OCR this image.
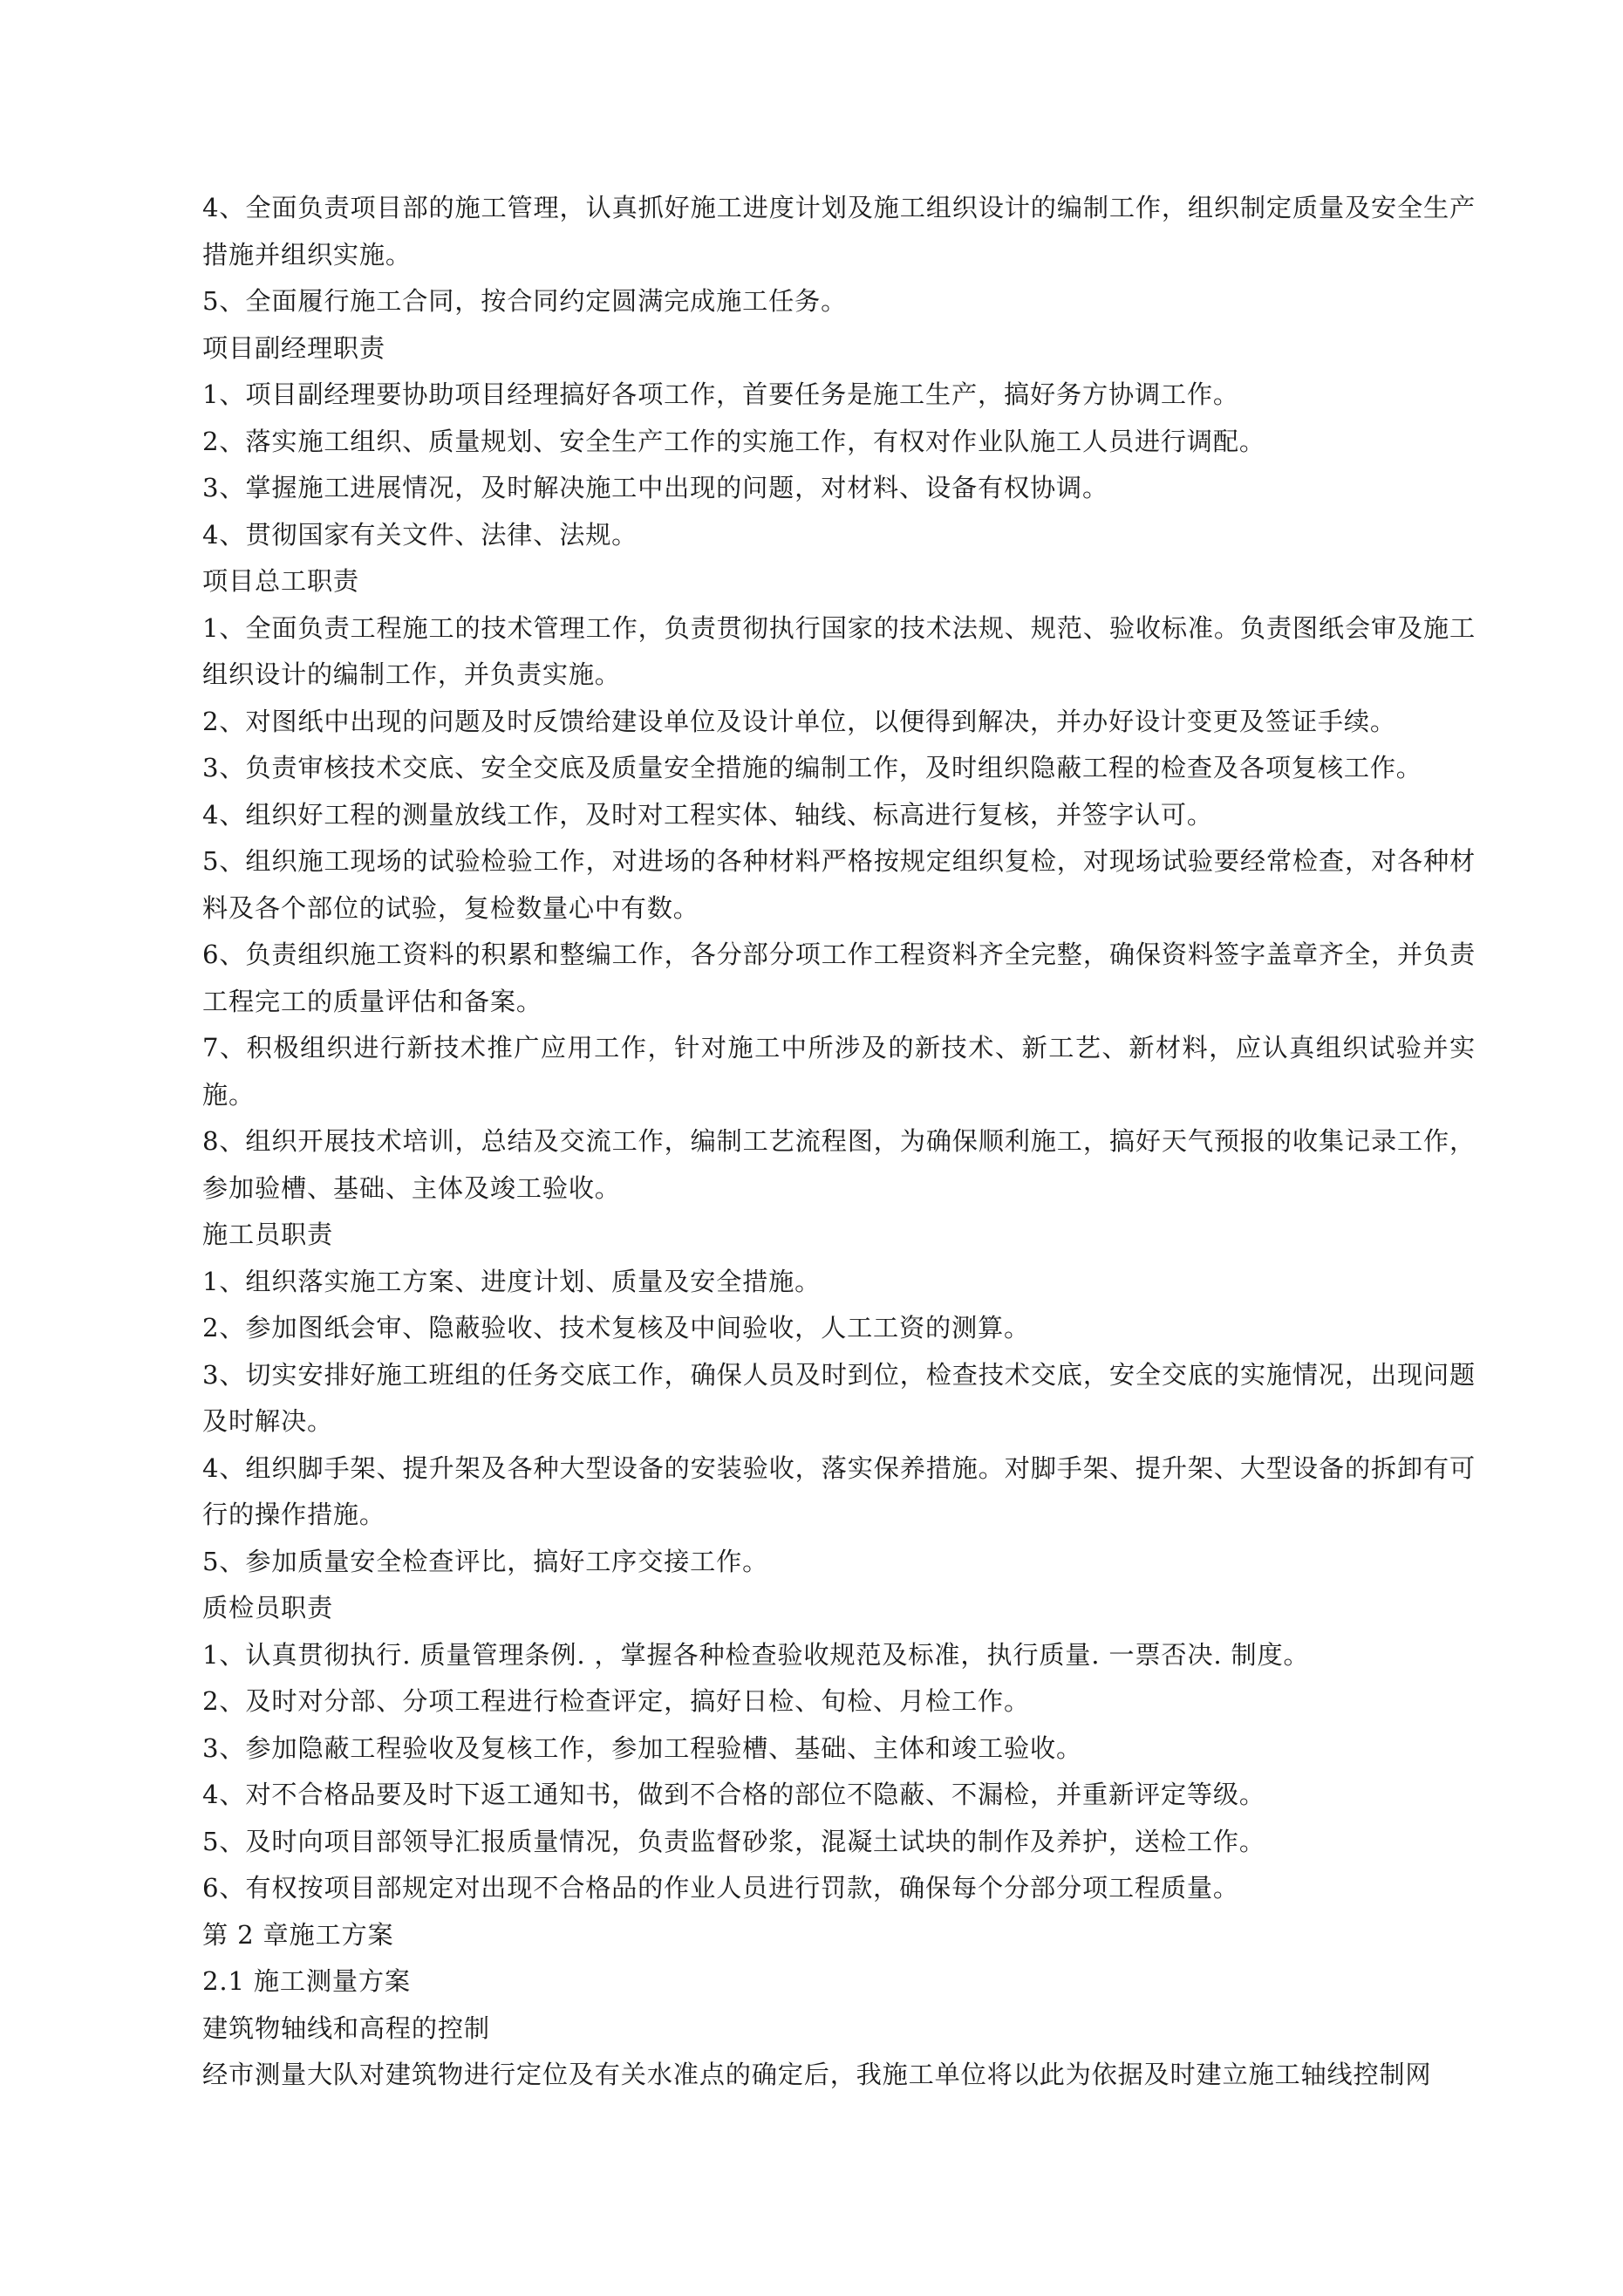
4、全面负责项目部的施工管理，认真抓好施工进度计划及施工组织设计的编制工作，组织制定质量及安全生产措施并组织实施。

5、全面履行施工合同，按合同约定圆满完成施工任务。

项目副经理职责

1、项目副经理要协助项目经理搞好各项工作，首要任务是施工生产，搞好务方协调工作。

2、落实施工组织、质量规划、安全生产工作的实施工作，有权对作业队施工人员进行调配。

3、掌握施工进展情况，及时解决施工中出现的问题，对材料、设备有权协调。

4、贯彻国家有关文件、法律、法规。

项目总工职责

1、全面负责工程施工的技术管理工作，负责贯彻执行国家的技术法规、规范、验收标准。负责图纸会审及施工组织设计的编制工作，并负责实施。

2、对图纸中出现的问题及时反馈给建设单位及设计单位，以便得到解决，并办好设计变更及签证手续。

3、负责审核技术交底、安全交底及质量安全措施的编制工作，及时组织隐蔽工程的检查及各项复核工作。

4、组织好工程的测量放线工作，及时对工程实体、轴线、标高进行复核，并签字认可。

5、组织施工现场的试验检验工作，对进场的各种材料严格按规定组织复检，对现场试验要经常检查，对各种材料及各个部位的试验，复检数量心中有数。

6、负责组织施工资料的积累和整编工作，各分部分项工作工程资料齐全完整，确保资料签字盖章齐全，并负责工程完工的质量评估和备案。

7、积极组织进行新技术推广应用工作，针对施工中所涉及的新技术、新工艺、新材料，应认真组织试验并实施。

8、组织开展技术培训，总结及交流工作，编制工艺流程图，为确保顺利施工，搞好天气预报的收集记录工作，参加验槽、基础、主体及竣工验收。

施工员职责

1、组织落实施工方案、进度计划、质量及安全措施。

2、参加图纸会审、隐蔽验收、技术复核及中间验收，人工工资的测算。

3、切实安排好施工班组的任务交底工作，确保人员及时到位，检查技术交底，安全交底的实施情况，出现问题及时解决。

4、组织脚手架、提升架及各种大型设备的安装验收，落实保养措施。对脚手架、提升架、大型设备的拆卸有可行的操作措施。

5、参加质量安全检查评比，搞好工序交接工作。

质检员职责

1、认真贯彻执行. 质量管理条例. ，掌握各种检查验收规范及标准，执行质量. 一票否决. 制度。

2、及时对分部、分项工程进行检查评定，搞好日检、旬检、月检工作。

3、参加隐蔽工程验收及复核工作，参加工程验槽、基础、主体和竣工验收。

4、对不合格品要及时下返工通知书，做到不合格的部位不隐蔽、不漏检，并重新评定等级。

5、及时向项目部领导汇报质量情况，负责监督砂浆，混凝土试块的制作及养护，送检工作。

6、有权按项目部规定对出现不合格品的作业人员进行罚款，确保每个分部分项工程质量。

第 2 章施工方案

2.1 施工测量方案

建筑物轴线和高程的控制

经市测量大队对建筑物进行定位及有关水准点的确定后，我施工单位将以此为依据及时建立施工轴线控制网
